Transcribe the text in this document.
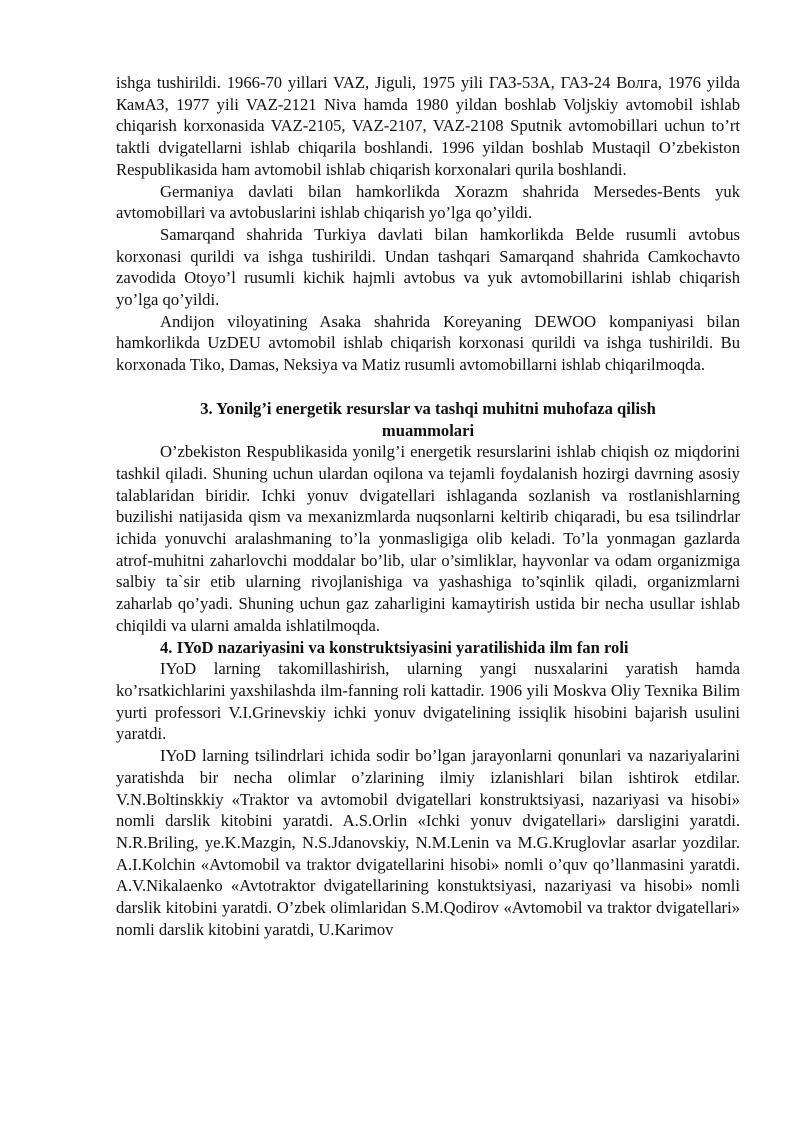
ishga tushirildi. 1966-70 yillari VAZ, Jiguli, 1975 yili ГАЗ-53А, ГАЗ-24 Волга, 1976 yilda КамАЗ, 1977 yili VAZ-2121 Niva hamda 1980 yildan boshlab Voljskiy avtomobil ishlab chiqarish korxonasida VAZ-2105, VAZ-2107, VAZ-2108 Sputnik avtomobillari uchun to’rt taktli dvigatellarni ishlab chiqarila boshlandi. 1996 yildan boshlab Mustaqil O’zbekiston Respublikasida ham avtomobil ishlab chiqarish korxonalari qurila boshlandi.

Germaniya davlati bilan hamkorlikda Xorazm shahrida Mersedes-Bents yuk avtomobillari va avtobuslarini ishlab chiqarish yo’lga qo’yildi.

Samarqand shahrida Turkiya davlati bilan hamkorlikda Belde rusumli avtobus korxonasi qurildi va ishga tushirildi. Undan tashqari Samarqand shahrida Camkochavto zavodida Otoyo’l rusumli kichik hajmli avtobus va yuk avtomobillarini ishlab chiqarish yo’lga qo’yildi.

Andijon viloyatining Asaka shahrida Koreyaning DEWOO kompaniyasi bilan hamkorlikda UzDEU avtomobil ishlab chiqarish korxonasi qurildi va ishga tushirildi. Bu korxonada Tiko, Damas, Neksiya va Matiz rusumli avtomobillarni ishlab chiqarilmoqda.

3. Yonilg’i energetik resurslar va tashqi muhitni muhofaza qilish muammolari

O’zbekiston Respublikasida yonilg’i energetik resurslarini ishlab chiqish oz miqdorini tashkil qiladi. Shuning uchun ulardan oqilona va tejamli foydalanish hozirgi davrning asosiy talablaridan biridir. Ichki yonuv dvigatellari ishlaganda sozlanish va rostlanishlarning buzilishi natijasida qism va mexanizmlarda nuqsonlarni keltirib chiqaradi, bu esa tsilindrlar ichida yonuvchi aralashmaning to’la yonmasligiga olib keladi. To’la yonmagan gazlarda atrof-muhitni zaharlovchi moddalar bo’lib, ular o’simliklar, hayvonlar va odam organizmiga salbiy ta`sir etib ularning rivojlanishiga va yashashiga to’sqinlik qiladi, organizmlarni zaharlab qo’yadi. Shuning uchun gaz zaharligini kamaytirish ustida bir necha usullar ishlab chiqildi va ularni amalda ishlatilmoqda.

4. IYoD nazariyasini va konstruktsiyasini yaratilishida ilm fan roli

IYoD larning takomillashirish, ularning yangi nusxalarini yaratish hamda ko’rsatkichlarini yaxshilashda ilm-fanning roli kattadir. 1906 yili Moskva Oliy Texnika Bilim yurti professori V.I.Grinevskiy ichki yonuv dvigatelining issiqlik hisobini bajarish usulini yaratdi.

IYoD larning tsilindrlari ichida sodir bo’lgan jarayonlarni qonunlari va nazariyalarini yaratishda bir necha olimlar o’zlarining ilmiy izlanishlari bilan ishtirok etdilar. V.N.Boltinskkiy «Traktor va avtomobil dvigatellari konstruktsiyasi, nazariyasi va hisobi» nomli darslik kitobini yaratdi. A.S.Orlin «Ichki yonuv dvigatellari» darsligini yaratdi. N.R.Briling, ye.K.Mazgin, N.S.Jdanovskiy, N.M.Lenin va M.G.Kruglovlar asarlar yozdilar. A.I.Kolchin «Avtomobil va traktor dvigatellarini hisobi» nomli o’quv qo’llanmasini yaratdi. A.V.Nikalaenko «Avtotraktor dvigatellarining konstuktsiyasi, nazariyasi va hisobi» nomli darslik kitobini yaratdi. O’zbek olimlaridan S.M.Qodirov «Avtomobil va traktor dvigatellari» nomli darslik kitobini yaratdi, U.Karimov
